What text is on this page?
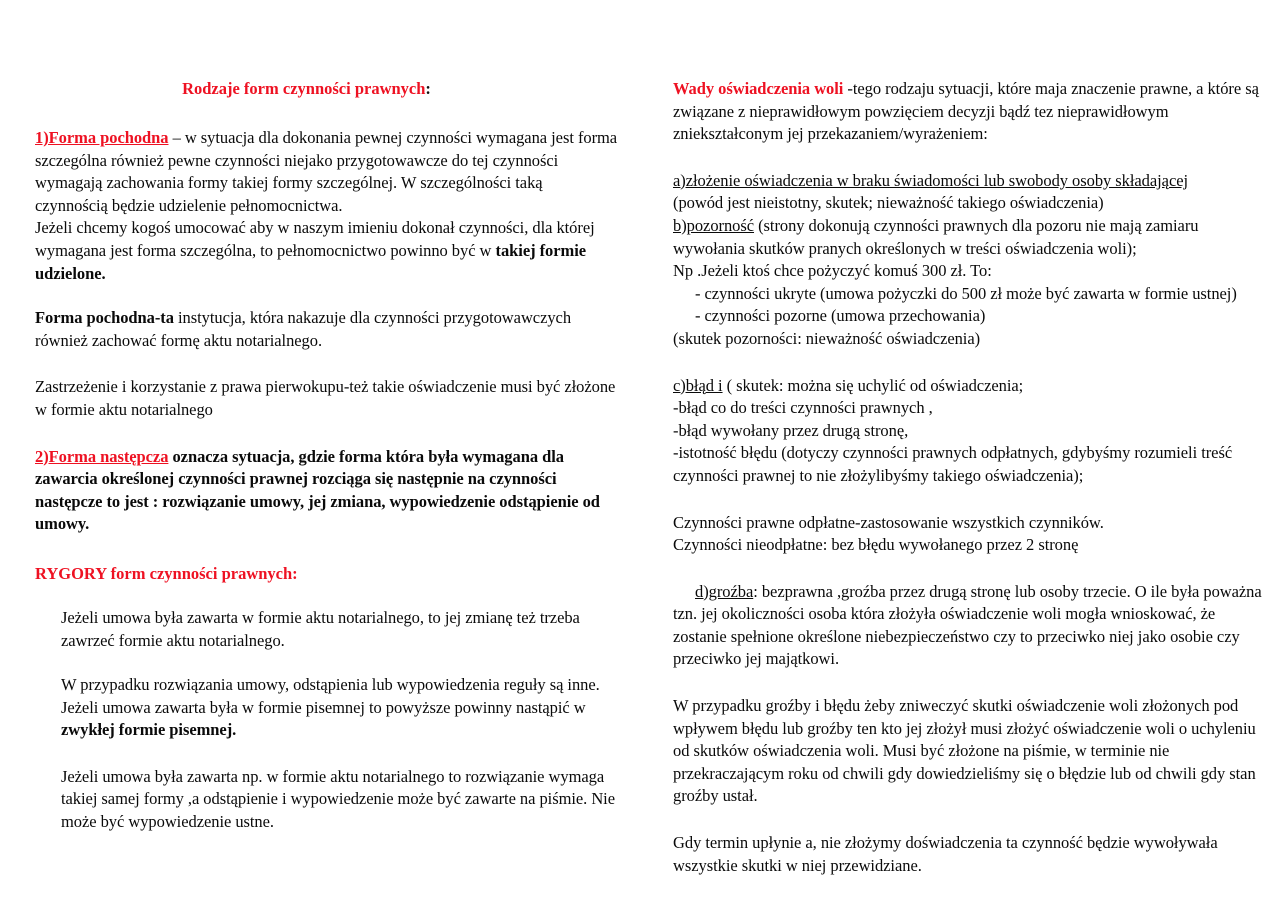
Rodzaje form czynności prawnych:

1)Forma pochodna – w sytuacja dla dokonania pewnej czynności wymagana jest forma szczególna również pewne czynności niejako przygotowawcze do tej czynności wymagają zachowania formy takiej formy szczególnej. W szczególności taką czynnością będzie udzielenie pełnomocnictwa.
Jeżeli chcemy kogoś umocować aby w naszym imieniu dokonał czynności, dla której wymagana jest forma szczególna, to pełnomocnictwo powinno być w takiej formie udzielone.

Forma pochodna-ta instytucja, która nakazuje dla czynności przygotowawczych również zachować formę aktu notarialnego.

Zastrzeżenie i korzystanie z prawa pierwokupu-też takie oświadczenie musi być złożone w formie aktu notarialnego

2)Forma następcza oznacza sytuacja, gdzie forma która była wymagana dla zawarcia określonej czynności prawnej rozciąga się następnie na czynności następcze to jest : rozwiązanie umowy, jej zmiana, wypowiedzenie odstąpienie od umowy.

RYGORY form czynności prawnych:

Jeżeli umowa była zawarta w formie aktu notarialnego, to jej zmianę też trzeba zawrzeć formie aktu notarialnego.

W przypadku rozwiązania umowy, odstąpienia lub wypowiedzenia reguły są inne.

Jeżeli umowa zawarta była w formie pisemnej to powyższe powinny nastąpić w zwykłej formie pisemnej.

Jeżeli umowa była zawarta np. w formie aktu notarialnego to rozwiązanie wymaga takiej samej formy ,a odstąpienie i wypowiedzenie może być zawarte na piśmie. Nie może być wypowiedzenie ustne.

Wady oświadczenia woli -tego rodzaju sytuacji, które maja znaczenie prawne, a które są związane z nieprawidłowym powzięciem decyzji bądź tez nieprawidłowym zniekształconym jej przekazaniem/wyrażeniem:

a)złożenie oświadczenia w braku świadomości lub swobody osoby składającej
(powód jest nieistotny, skutek; nieważność takiego oświadczenia)

b)pozorność (strony dokonują czynności prawnych dla pozoru nie mają zamiaru wywołania skutków pranych określonych w treści oświadczenia woli);

Np .Jeżeli ktoś chce pożyczyć komuś 300 zł. To:

- czynności ukryte (umowa pożyczki do 500 zł może być zawarta w formie ustnej)

- czynności pozorne (umowa przechowania)

(skutek pozorności: nieważność oświadczenia)

c)błąd i ( skutek: można się uchylić od oświadczenia;
-błąd co do treści czynności prawnych ,
-błąd wywołany przez drugą stronę,
-istotność błędu (dotyczy czynności prawnych odpłatnych, gdybyśmy rozumieli treść czynności prawnej to nie złożylibyśmy takiego oświadczenia);

Czynności prawne odpłatne-zastosowanie wszystkich czynników.

Czynności nieodpłatne: bez błędu wywołanego przez 2 stronę

d)groźba: bezprawna ,groźba przez drugą stronę lub osoby trzecie. O ile była poważna tzn. jej okoliczności osoba która złożyła oświadczenie woli mogła wnioskować, że zostanie spełnione określone niebezpieczeństwo czy to przeciwko niej jako osobie czy przeciwko jej majątkowi.

W przypadku groźby i błędu żeby zniweczyć skutki oświadczenie woli złożonych pod wpływem błędu lub groźby ten kto jej złożył musi złożyć oświadczenie woli o uchyleniu od skutków oświadczenia woli. Musi być złożone na piśmie, w terminie nie przekraczającym roku od chwili gdy dowiedzieliśmy się o błędzie lub od chwili gdy stan groźby ustał.

Gdy termin upłynie a, nie złożymy doświadczenia ta czynność będzie wywoływała wszystkie skutki w niej przewidziane.
